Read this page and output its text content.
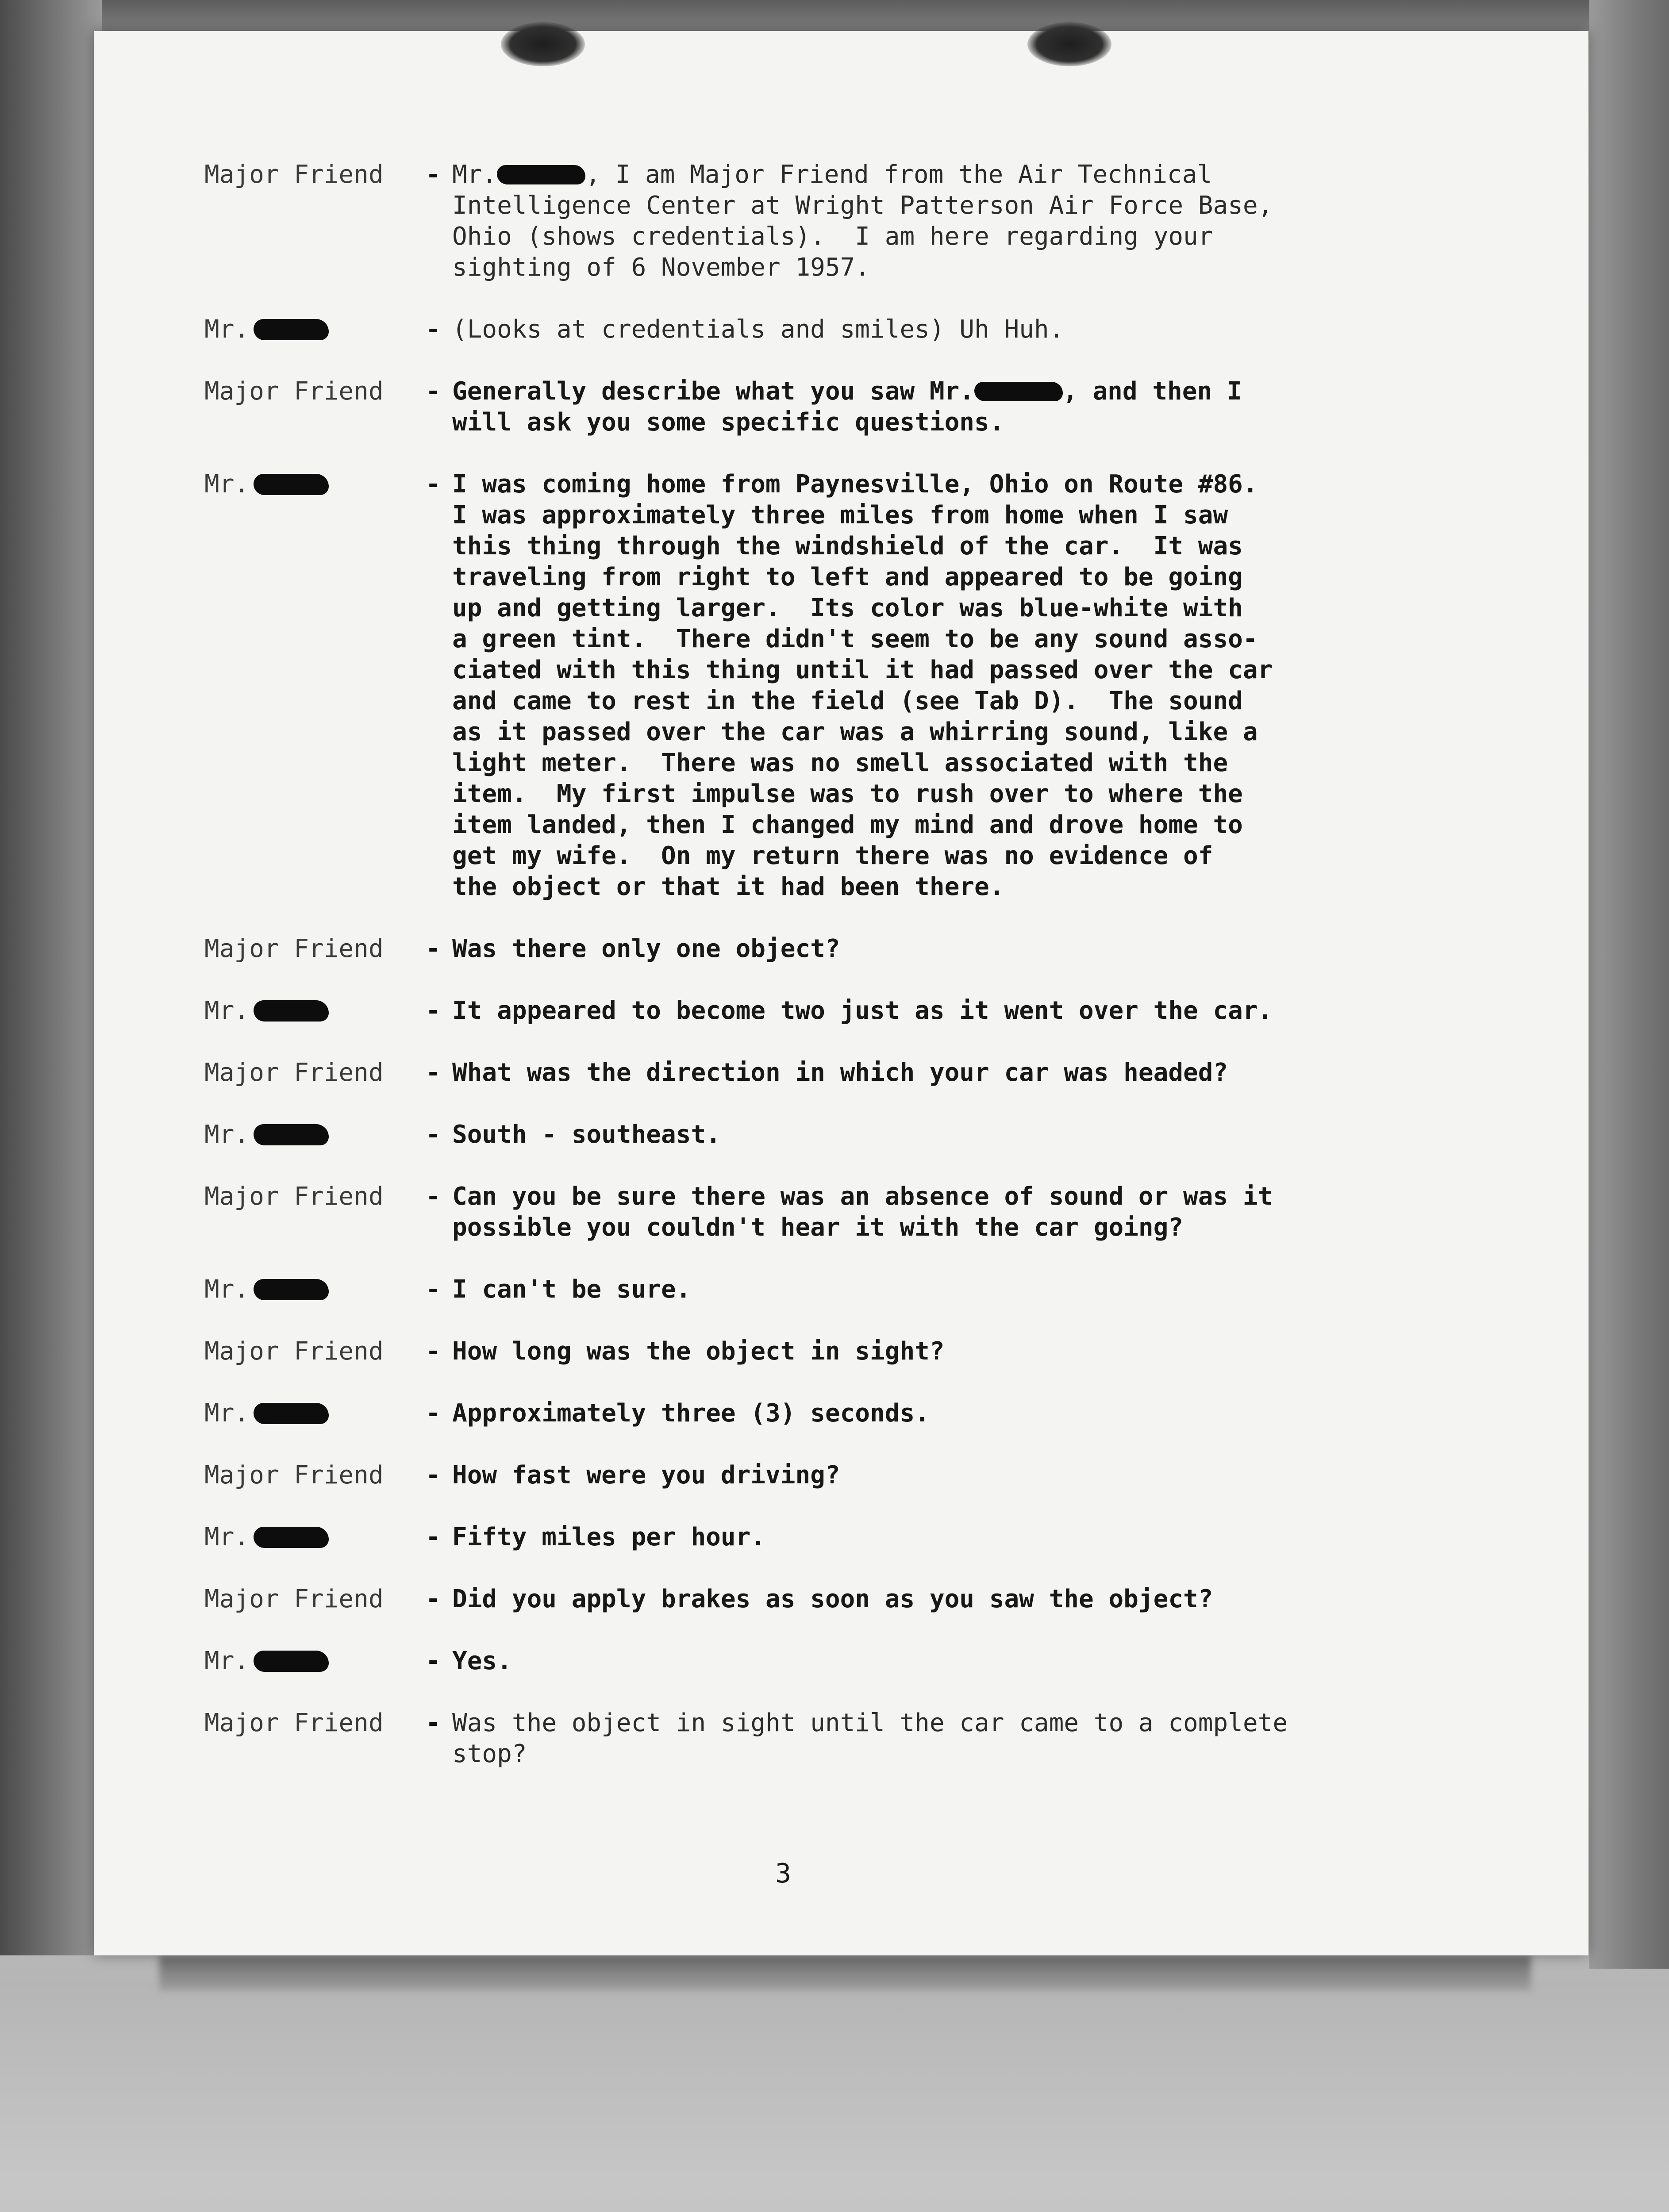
Major Friend	- Mr.	, I am Major Friend from the Air Technical
Intelligence Center at Wright Patterson Air Force Base,
Ohio (shows credentials).  I am here regarding your
sighting of 6 November 1957.
Mr.	- (Looks at credentials and smiles) Uh Huh.
Major Friend	- Generally describe what you saw Mr.	, and then I
will ask you some specific questions.
Mr.	- I was coming home from Paynesville, Ohio on Route #86.
I was approximately three miles from home when I saw
this thing through the windshield of the car.  It was
traveling from right to left and appeared to be going
up and getting larger.  Its color was blue-white with
a green tint.  There didn't seem to be any sound asso-
ciated with this thing until it had passed over the car
and came to rest in the field (see Tab D).  The sound
as it passed over the car was a whirring sound, like a
light meter.  There was no smell associated with the
item.  My first impulse was to rush over to where the
item landed, then I changed my mind and drove home to
get my wife.  On my return there was no evidence of
the object or that it had been there.
Major Friend	- Was there only one object?
Mr.	- It appeared to become two just as it went over the car.
Major Friend	- What was the direction in which your car was headed?
Mr.	- South - southeast.
Major Friend	- Can you be sure there was an absence of sound or was it
possible you couldn't hear it with the car going?
Mr.	- I can't be sure.
Major Friend	- How long was the object in sight?
Mr.	- Approximately three (3) seconds.
Major Friend	- How fast were you driving?
Mr.	- Fifty miles per hour.
Major Friend	- Did you apply brakes as soon as you saw the object?
Mr.	- Yes.
Major Friend	- Was the object in sight until the car came to a complete
stop?
3
